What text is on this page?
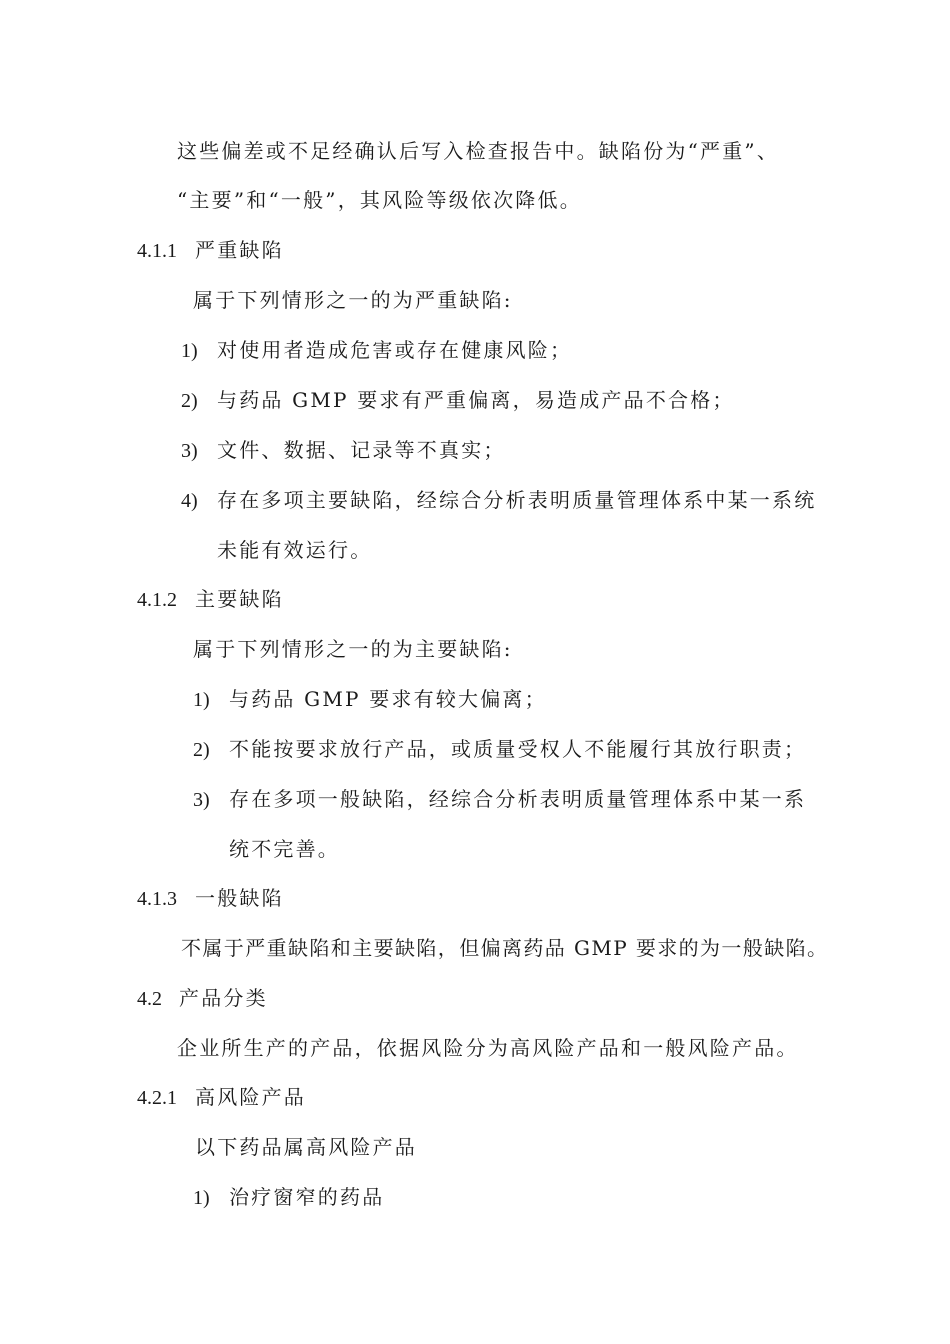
这些偏差或不足经确认后写入检查报告中。缺陷份为“严重”、
“主要”和“一般”，其风险等级依次降低。
4.1.1 严重缺陷
属于下列情形之一的为严重缺陷:
1) 对使用者造成危害或存在健康风险；
2) 与药品 GMP 要求有严重偏离，易造成产品不合格；
3) 文件、数据、记录等不真实；
4) 存在多项主要缺陷，经综合分析表明质量管理体系中某一系统
未能有效运行。
4.1.2 主要缺陷
属于下列情形之一的为主要缺陷:
1) 与药品 GMP 要求有较大偏离；
2) 不能按要求放行产品，或质量受权人不能履行其放行职责；
3) 存在多项一般缺陷，经综合分析表明质量管理体系中某一系
统不完善。
4.1.3 一般缺陷
不属于严重缺陷和主要缺陷，但偏离药品 GMP 要求的为一般缺陷。
4.2 产品分类
企业所生产的产品，依据风险分为高风险产品和一般风险产品。
4.2.1 高风险产品
以下药品属高风险产品
1) 治疗窗窄的药品
